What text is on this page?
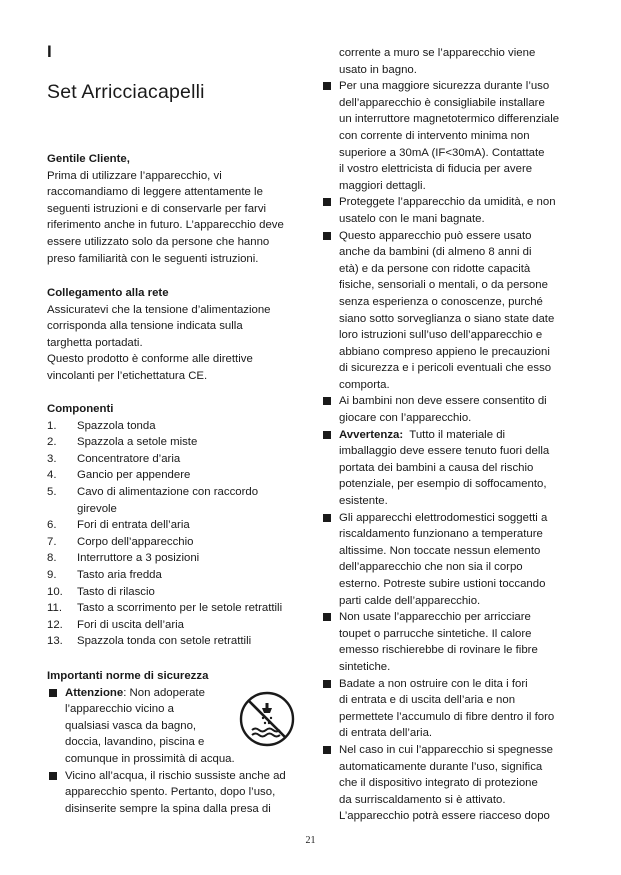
I
Set Arricciacapelli

Gentile Cliente,

Prima di utilizzare l’apparecchio, vi
raccomandiamo di leggere attentamente le
seguenti istruzioni e di conservarle per farvi
riferimento anche in futuro. L’apparecchio deve
essere utilizzato solo da persone che hanno
preso familiarità con le seguenti istruzioni.

Collegamento alla rete

Assicuratevi che la tensione d’alimentazione
corrisponda alla tensione indicata sulla
targhetta portadati.
Questo prodotto è conforme alle direttive
vincolanti per l’etichettatura CE.

Componenti

1. Spazzola tonda
2. Spazzola a setole miste
3. Concentratore d’aria
4. Gancio per appendere
5. Cavo di alimentazione con raccordo
girevole
6. Fori di entrata dell’aria
7. Corpo dell’apparecchio
8. Interruttore a 3 posizioni
9. Tasto aria fredda
10. Tasto di rilascio
11. Tasto a scorrimento per le setole retrattili
12. Fori di uscita dell’aria
13. Spazzola tonda con setole retrattili

Importanti norme di sicurezza

Attenzione: Non adoperate
l’apparecchio vicino a
qualsiasi vasca da bagno,
doccia, lavandino, piscina e
comunque in prossimità di acqua.
Vicino all’acqua, il rischio sussiste anche ad
apparecchio spento. Pertanto, dopo l’uso,
disinserite sempre la spina dalla presa di
corrente a muro se l’apparecchio viene
usato in bagno.
Per una maggiore sicurezza durante l’uso
dell’apparecchio è consigliabile installare
un interruttore magnetotermico differenziale
con corrente di intervento minima non
superiore a 30mA (IF<30mA). Contattate
il vostro elettricista di fiducia per avere
maggiori dettagli.
Proteggete l’apparecchio da umidità, e non
usatelo con le mani bagnate.
Questo apparecchio può essere usato
anche da bambini (di almeno 8 anni di
età) e da persone con ridotte capacità
fisiche, sensoriali o mentali, o da persone
senza esperienza o conoscenze, purché
siano sotto sorveglianza o siano state date
loro istruzioni sull’uso dell’apparecchio e
abbiano compreso appieno le precauzioni
di sicurezza e i pericoli eventuali che esso
comporta.
Ai bambini non deve essere consentito di
giocare con l’apparecchio.
Avvertenza:  Tutto il materiale di
imballaggio deve essere tenuto fuori della
portata dei bambini a causa del rischio
potenziale, per esempio di soffocamento,
esistente.
Gli apparecchi elettrodomestici soggetti a
riscaldamento funzionano a temperature
altissime. Non toccate nessun elemento
dell’apparecchio che non sia il corpo
esterno. Potreste subire ustioni toccando
parti calde dell’apparecchio.
Non usate l’apparecchio per arricciare
toupet o parrucche sintetiche. Il calore
emesso rischierebbe di rovinare le fibre
sintetiche.
Badate a non ostruire con le dita i fori
di entrata e di uscita dell’aria e non
permettete l’accumulo di fibre dentro il foro
di entrata dell’aria.
Nel caso in cui l’apparecchio si spegnesse
automaticamente durante l’uso, significa
che il dispositivo integrato di protezione
da surriscaldamento si è attivato.
L’apparecchio potrà essere riacceso dopo
21
